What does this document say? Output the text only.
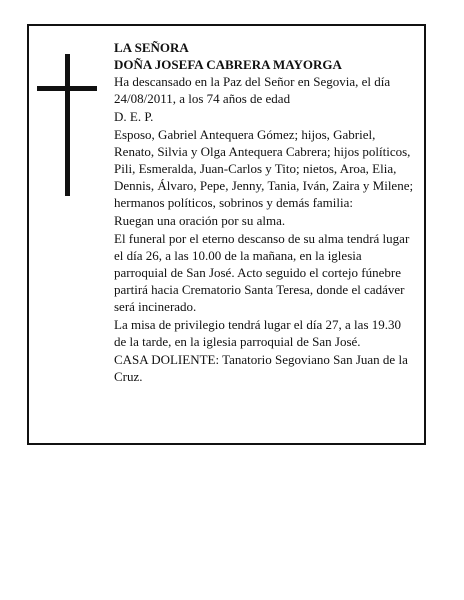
LA SEÑORA

DOÑA JOSEFA CABRERA MAYORGA

Ha descansado en la Paz del Señor en Segovia, el día 24/08/2011, a los 74 años de edad

D. E. P.

Esposo, Gabriel Antequera Gómez; hijos, Gabriel, Renato, Silvia y Olga Antequera Cabrera; hijos políticos, Pili, Esmeralda, Juan-Carlos y Tito; nietos, Aroa, Elia, Dennis, Álvaro, Pepe, Jenny, Tania, Iván, Zaira y Milene; hermanos políticos, sobrinos y demás familia:

Ruegan una oración por su alma.

El funeral por el eterno descanso de su alma tendrá lugar el día 26, a las 10.00 de la mañana, en la iglesia parroquial de San José. Acto seguido el cortejo fúnebre partirá hacia Crematorio Santa Teresa, donde el cadáver será incinerado.

La misa de privilegio tendrá lugar el día 27, a las 19.30 de la tarde, en la iglesia parroquial de San José.

CASA DOLIENTE: Tanatorio Segoviano San Juan de la Cruz.
